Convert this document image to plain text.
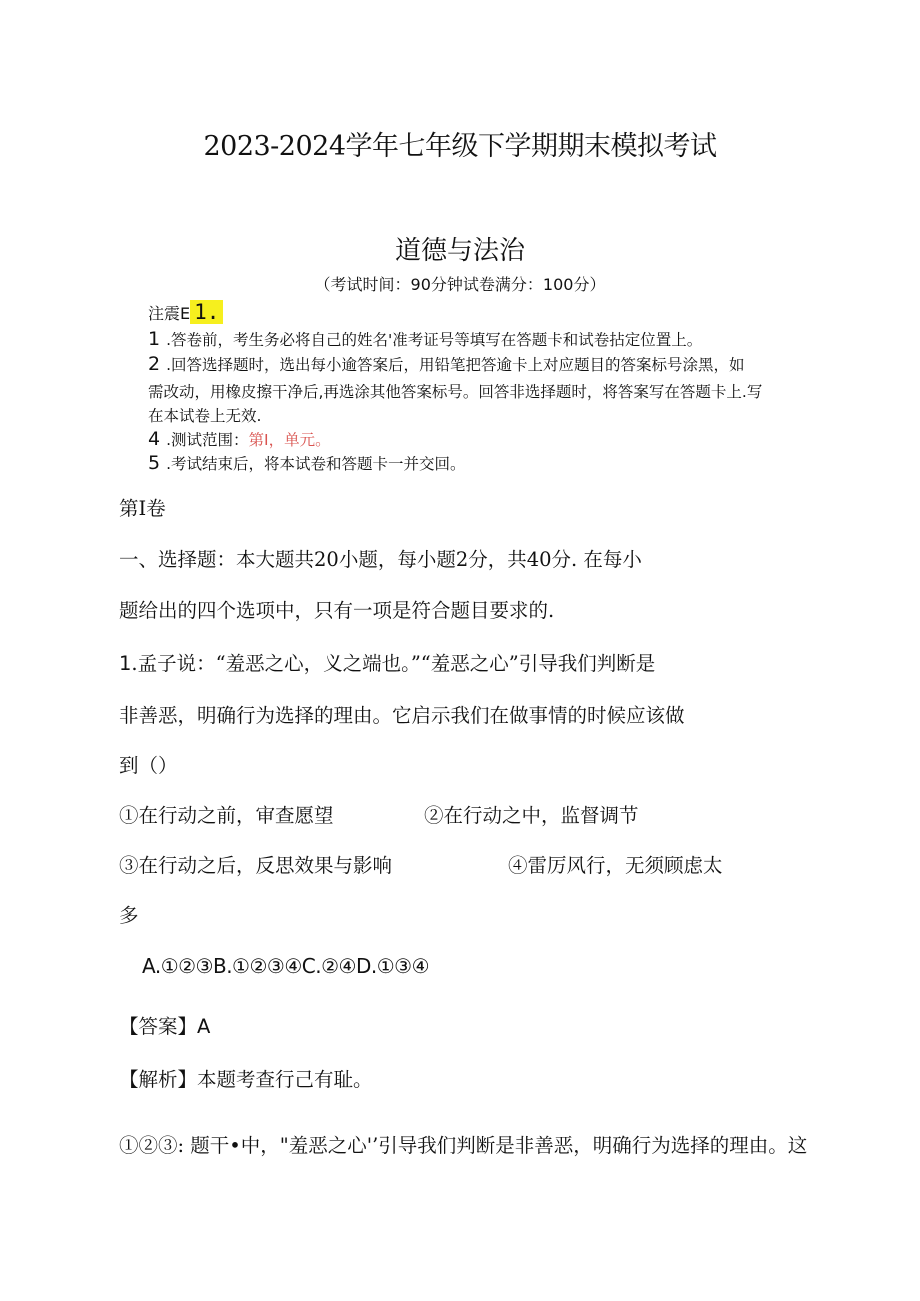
2023-2024学年七年级下学期期末模拟考试
道德与法治
（考试时间：90分钟试卷满分：100分）
注震E 1.
1 .答卷前，考生务必将自己的姓名'准考证号等填写在答题卡和试卷拈定位置上。
2 .回答选择题时，选出每小逾答案后，用铅笔把答逾卡上对应题目的答案标号涂黑，如
需改动，用橡皮擦干净后,再选涂其他答案标号。回答非选择题时，将答案写在答题卡上.写
在本试卷上无效.
4 .测试范围：第I，单元。
5 .考试结束后，将本试卷和答题卡一并交回。
第I卷
一、选择题：本大题共20小题，每小题2分，共40分. 在每小
题给出的四个选项中，只有一项是符合题目要求的.
1.孟子说：“羞恶之心，义之端也。”“羞恶之心”引导我们判断是
非善恶，明确行为选择的理由。它启示我们在做事情的时候应该做
到（）
①在行动之前，审查愿望	②在行动之中，监督调节
③在行动之后，反思效果与影响	④雷厉风行，无须顾虑太
多
A.①②③B.①②③④C.②④D.①③④
【答案】A
【解析】本题考查行己有耻。
①②③: 题干•中，"羞恶之心'’引导我们判断是非善恶，明确行为选择的理由。这
